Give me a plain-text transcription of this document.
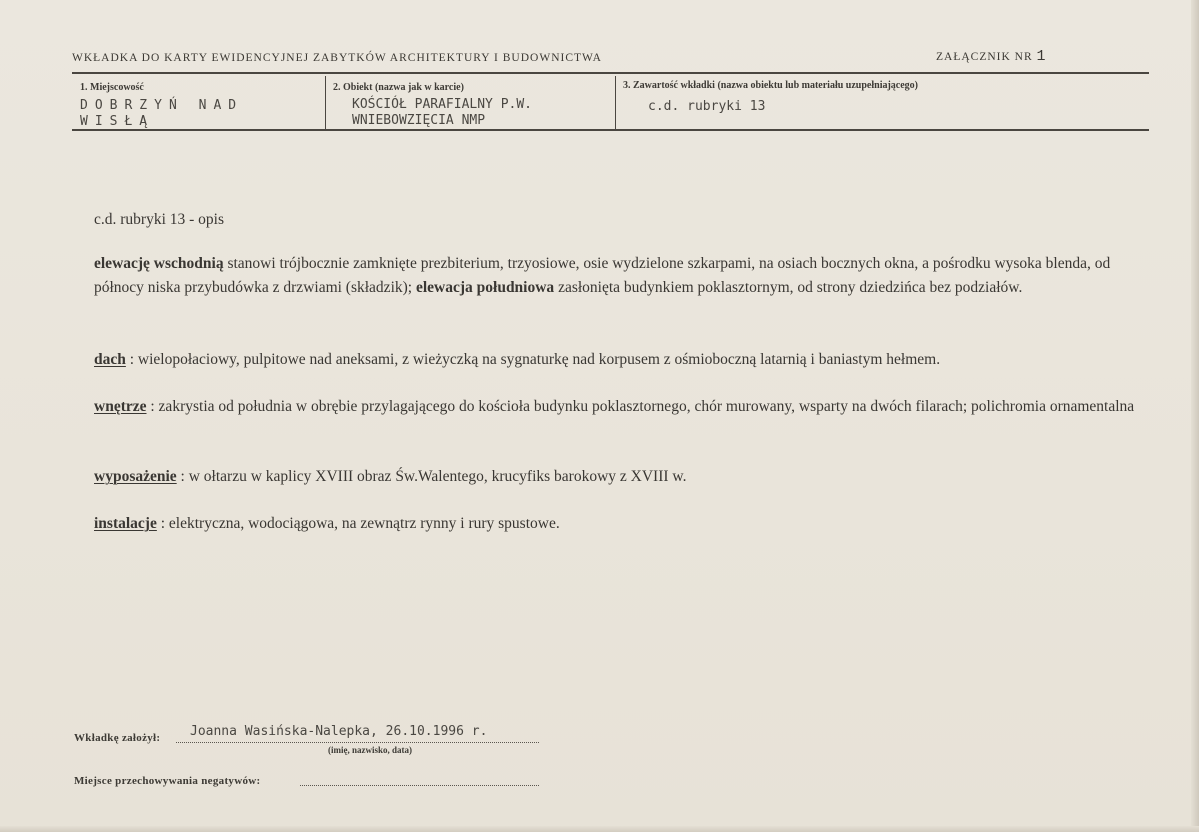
WKŁADKA DO KARTY EWIDENCYJNEJ ZABYTKÓW ARCHITEKTURY I BUDOWNICTWA	ZAŁĄCZNIK NR 1
1. Miejscowość
DOBRZYŃ NAD
WISŁĄ
2. Obiekt (nazwa jak w karcie)
KOŚCIÓŁ PARAFIALNY P.W.
WNIEBOWZIĘCIA NMP
3. Zawartość wkładki (nazwa obiektu lub materiału uzupełniającego)
c.d. rubryki 13
c.d. rubryki 13 - opis
elewację wschodnią stanowi trójbocznie zamknięte prezbiterium, trzyosiowe, osie wydzielone szkarpami, na osiach bocznych okna, a pośrodku wysoka blenda, od północy niska przybudówka z drzwiami (składzik); elewacja południowa zasłonięta budynkiem poklasztornym, od strony dziedzińca bez podziałów.
dach : wielopołaciowy, pulpitowe nad aneksami, z wieżyczką na sygnaturkę nad korpusem z ośmioboczną latarnią i baniastym hełmem.
wnętrze : zakrystia od południa w obrębie przylagającego do kościoła budynku poklasztornego, chór murowany, wsparty na dwóch filarach; polichromia ornamentalna
wyposażenie : w ołtarzu w kaplicy XVIII obraz Św.Walentego, krucyfiks barokowy z XVIII w.
instalacje : elektryczna, wodociągowa, na zewnątrz rynny i rury spustowe.
Wkładkę założył: Joanna Wasińska-Nalepka, 26.10.1996 r.
(imię, nazwisko, data)
Miejsce przechowywania negatywów:
